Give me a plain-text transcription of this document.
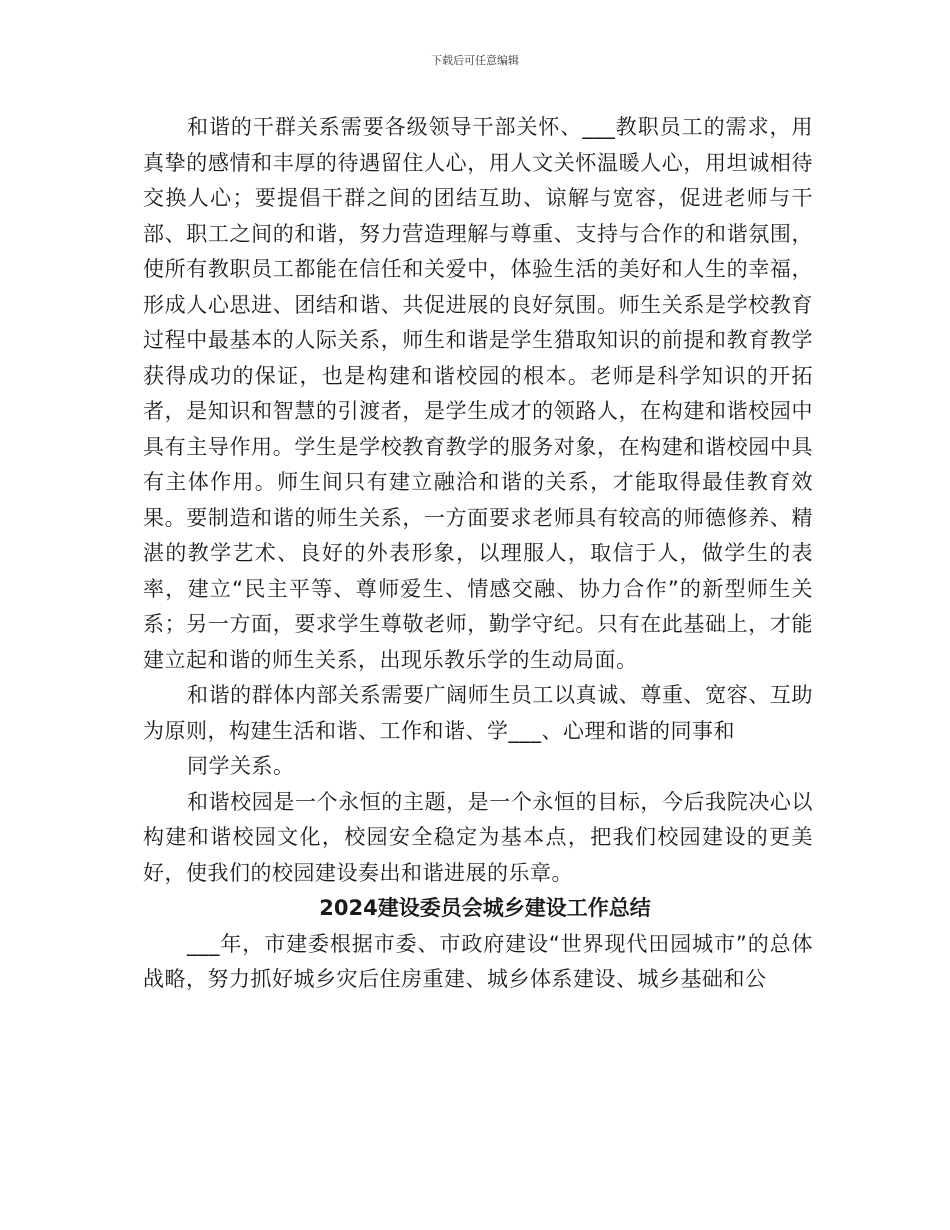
下载后可任意编辑

和谐的干群关系需要各级领导干部关怀、___教职员工的需求，用真挚的感情和丰厚的待遇留住人心，用人文关怀温暖人心，用坦诚相待交换人心；要提倡干群之间的团结互助、谅解与宽容，促进老师与干部、职工之间的和谐，努力营造理解与尊重、支持与合作的和谐氛围，使所有教职员工都能在信任和关爱中，体验生活的美好和人生的幸福，形成人心思进、团结和谐、共促进展的良好氛围。师生关系是学校教育过程中最基本的人际关系，师生和谐是学生猎取知识的前提和教育教学获得成功的保证，也是构建和谐校园的根本。老师是科学知识的开拓者，是知识和智慧的引渡者，是学生成才的领路人，在构建和谐校园中具有主导作用。学生是学校教育教学的服务对象，在构建和谐校园中具有主体作用。师生间只有建立融洽和谐的关系，才能取得最佳教育效果。要制造和谐的师生关系，一方面要求老师具有较高的师德修养、精湛的教学艺术、良好的外表形象，以理服人，取信于人，做学生的表率，建立“民主平等、尊师爱生、情感交融、协力合作”的新型师生关系；另一方面，要求学生尊敬老师，勤学守纪。只有在此基础上，才能建立起和谐的师生关系，出现乐教乐学的生动局面。

和谐的群体内部关系需要广阔师生员工以真诚、尊重、宽容、互助为原则，构建生活和谐、工作和谐、学___、心理和谐的同事和

同学关系。

和谐校园是一个永恒的主题，是一个永恒的目标，今后我院决心以构建和谐校园文化，校园安全稳定为基本点，把我们校园建设的更美好，使我们的校园建设奏出和谐进展的乐章。

2024建设委员会城乡建设工作总结

___年，市建委根据市委、市政府建设“世界现代田园城市”的总体战略，努力抓好城乡灾后住房重建、城乡体系建设、城乡基础和公
